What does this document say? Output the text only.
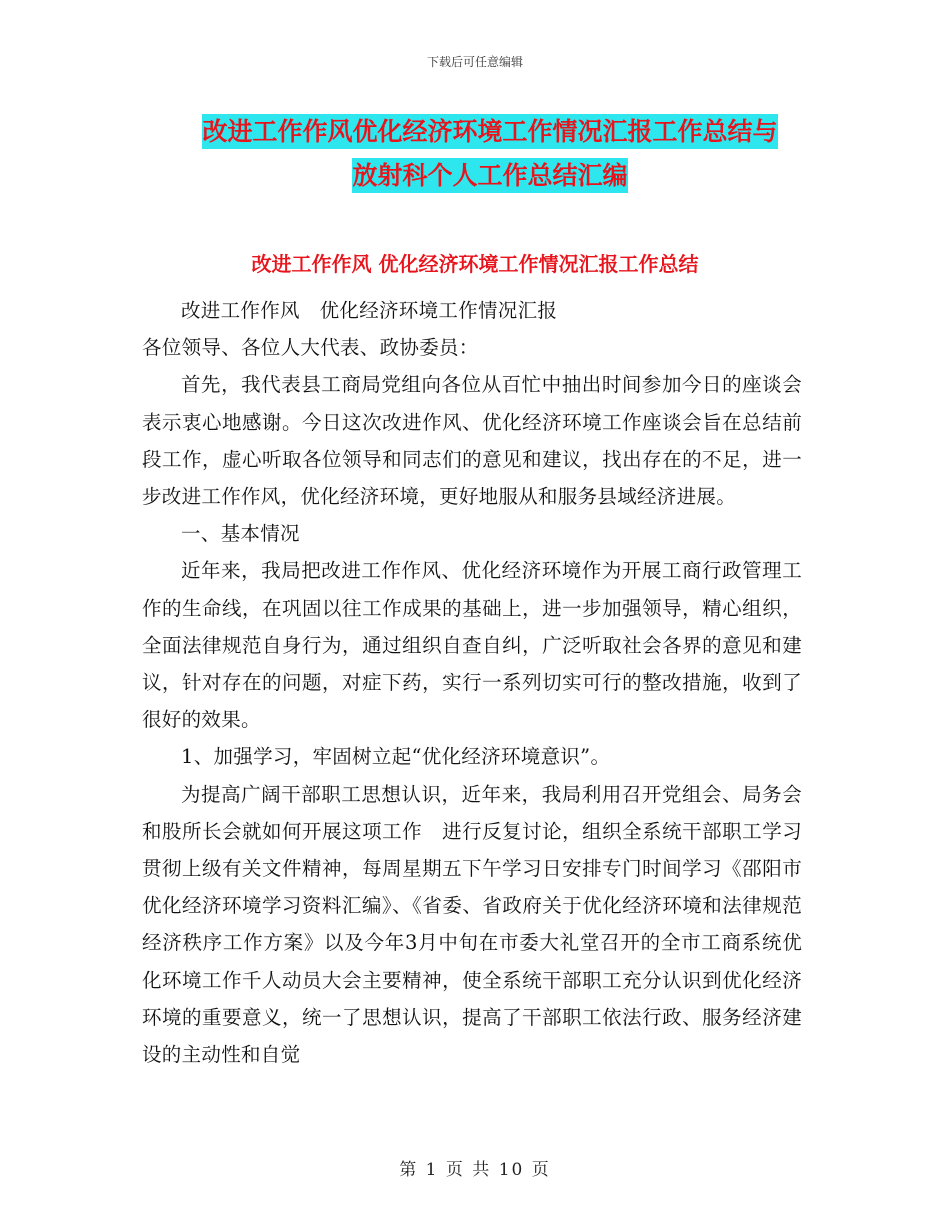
下载后可任意编辑
改进工作作风优化经济环境工作情况汇报工作总结与
放射科个人工作总结汇编
改进工作作风 优化经济环境工作情况汇报工作总结

改进工作作风　优化经济环境工作情况汇报

各位领导、各位人大代表、政协委员：

首先，我代表县工商局党组向各位从百忙中抽出时间参加今日的座谈会表示衷心地感谢。今日这次改进作风、优化经济环境工作座谈会旨在总结前段工作，虚心听取各位领导和同志们的意见和建议，找出存在的不足，进一步改进工作作风，优化经济环境，更好地服从和服务县域经济进展。

一、基本情况

近年来，我局把改进工作作风、优化经济环境作为开展工商行政管理工作的生命线，在巩固以往工作成果的基础上，进一步加强领导，精心组织，全面法律规范自身行为，通过组织自查自纠，广泛听取社会各界的意见和建议，针对存在的问题，对症下药，实行一系列切实可行的整改措施，收到了很好的效果。

1、加强学习，牢固树立起“优化经济环境意识”。

为提高广阔干部职工思想认识，近年来，我局利用召开党组会、局务会和股所长会就如何开展这项工作　进行反复讨论，组织全系统干部职工学习贯彻上级有关文件精神，每周星期五下午学习日安排专门时间学习《邵阳市优化经济环境学习资料汇编》、《省委、省政府关于优化经济环境和法律规范经济秩序工作方案》以及今年3月中旬在市委大礼堂召开的全市工商系统优化环境工作千人动员大会主要精神，使全系统干部职工充分认识到优化经济环境的重要意义，统一了思想认识，提高了干部职工依法行政、服务经济建设的主动性和自觉

第 1 页 共 10 页
